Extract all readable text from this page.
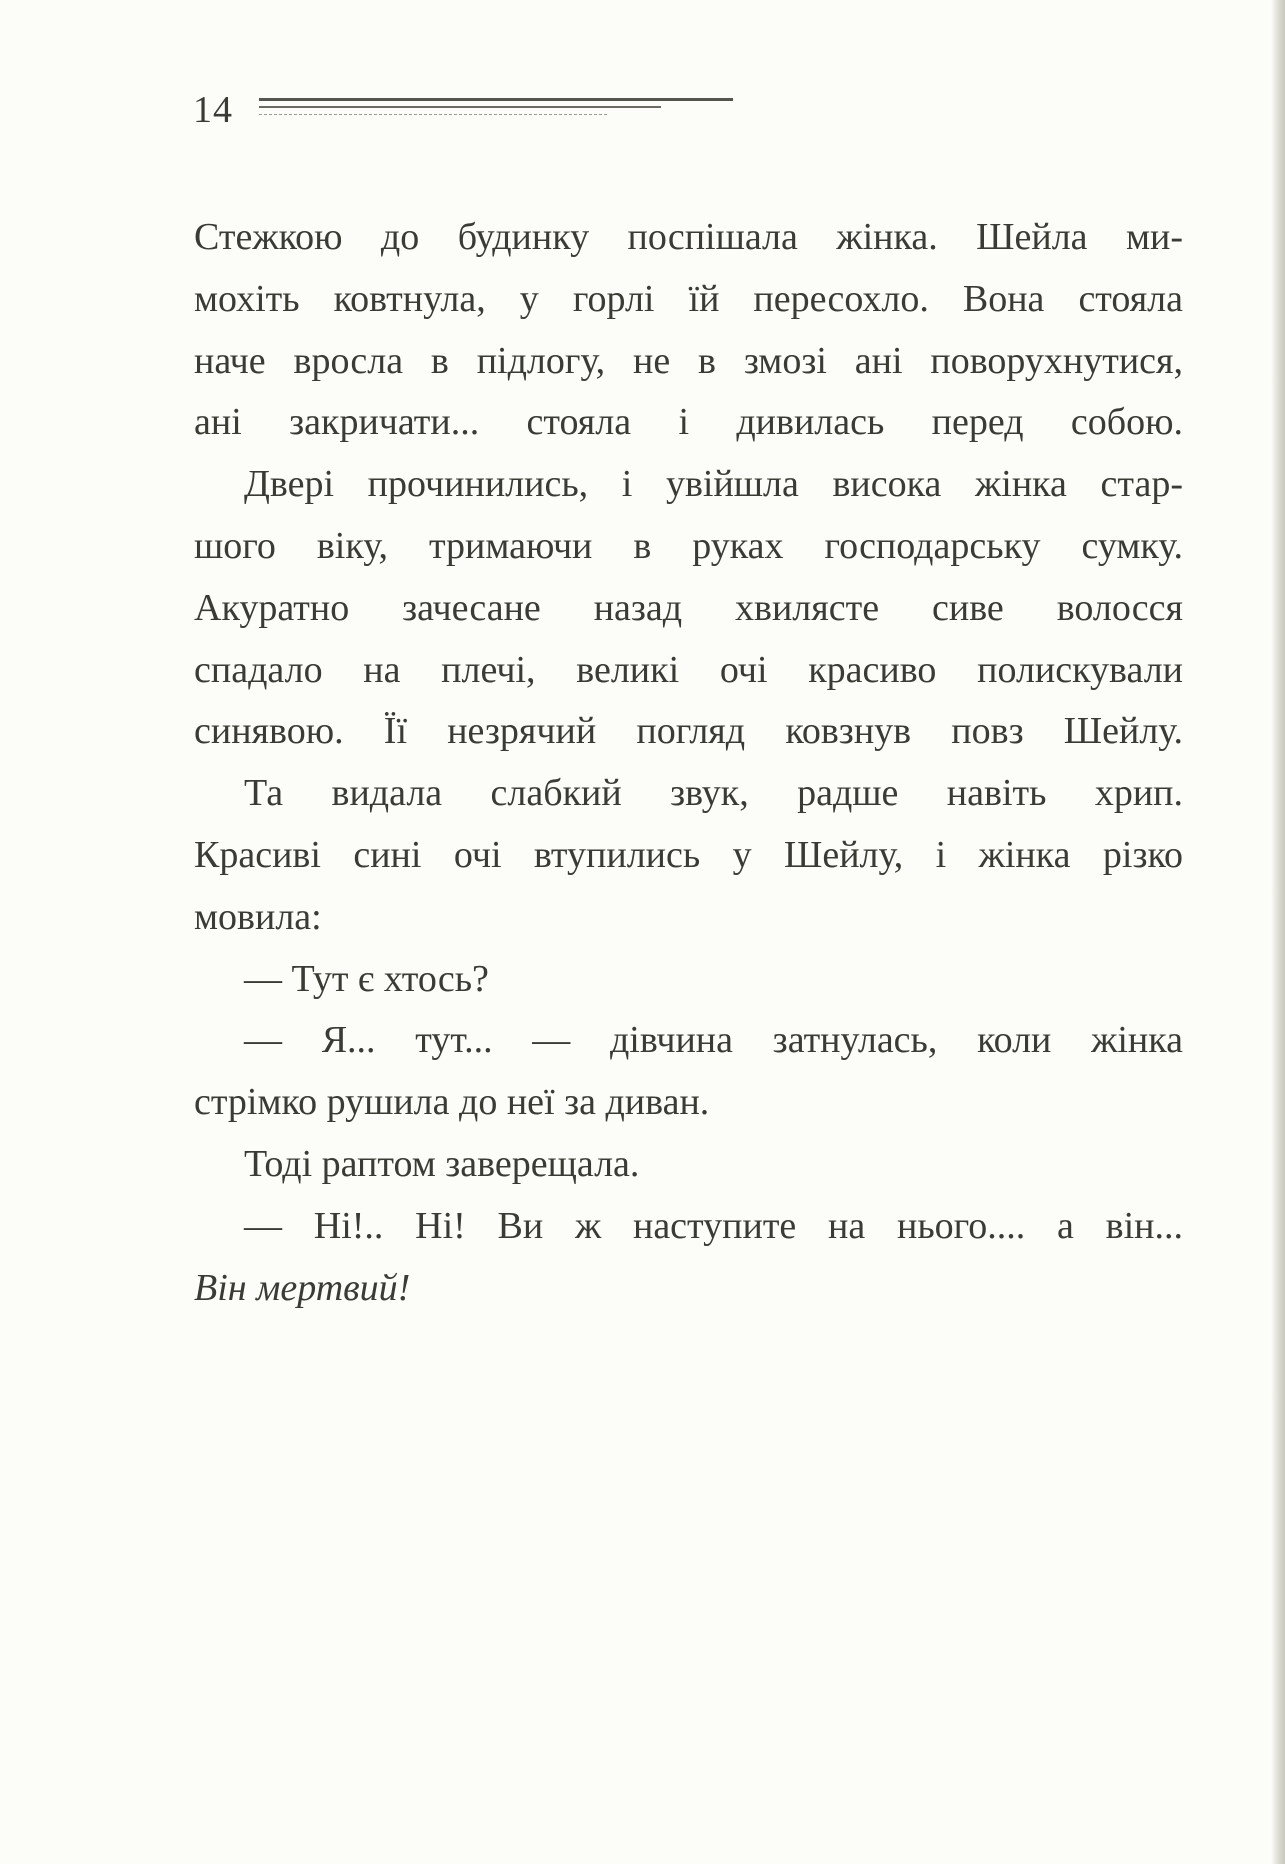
14
Стежкою до будинку поспішала жінка. Шейла ми-
мохіть ковтнула, у горлі їй пересохло. Вона стояла
наче вросла в підлогу, не в змозі ані поворухнутися,
ані закричати... стояла і дивилась перед собою.
Двері прочинились, і увійшла висока жінка стар-
шого віку, тримаючи в руках господарську сумку.
Акуратно зачесане назад хвилясте сиве волосся
спадало на плечі, великі очі красиво полискували
синявою. Її незрячий погляд ковзнув повз Шейлу.
Та видала слабкий звук, радше навіть хрип.
Красиві сині очі втупились у Шейлу, і жінка різко
мовила:
— Тут є хтось?
— Я... тут... — дівчина затнулась, коли жінка
стрімко рушила до неї за диван.
Тоді раптом заверещала.
— Ні!.. Ні! Ви ж наступите на нього.... а він...
Він мертвий!
